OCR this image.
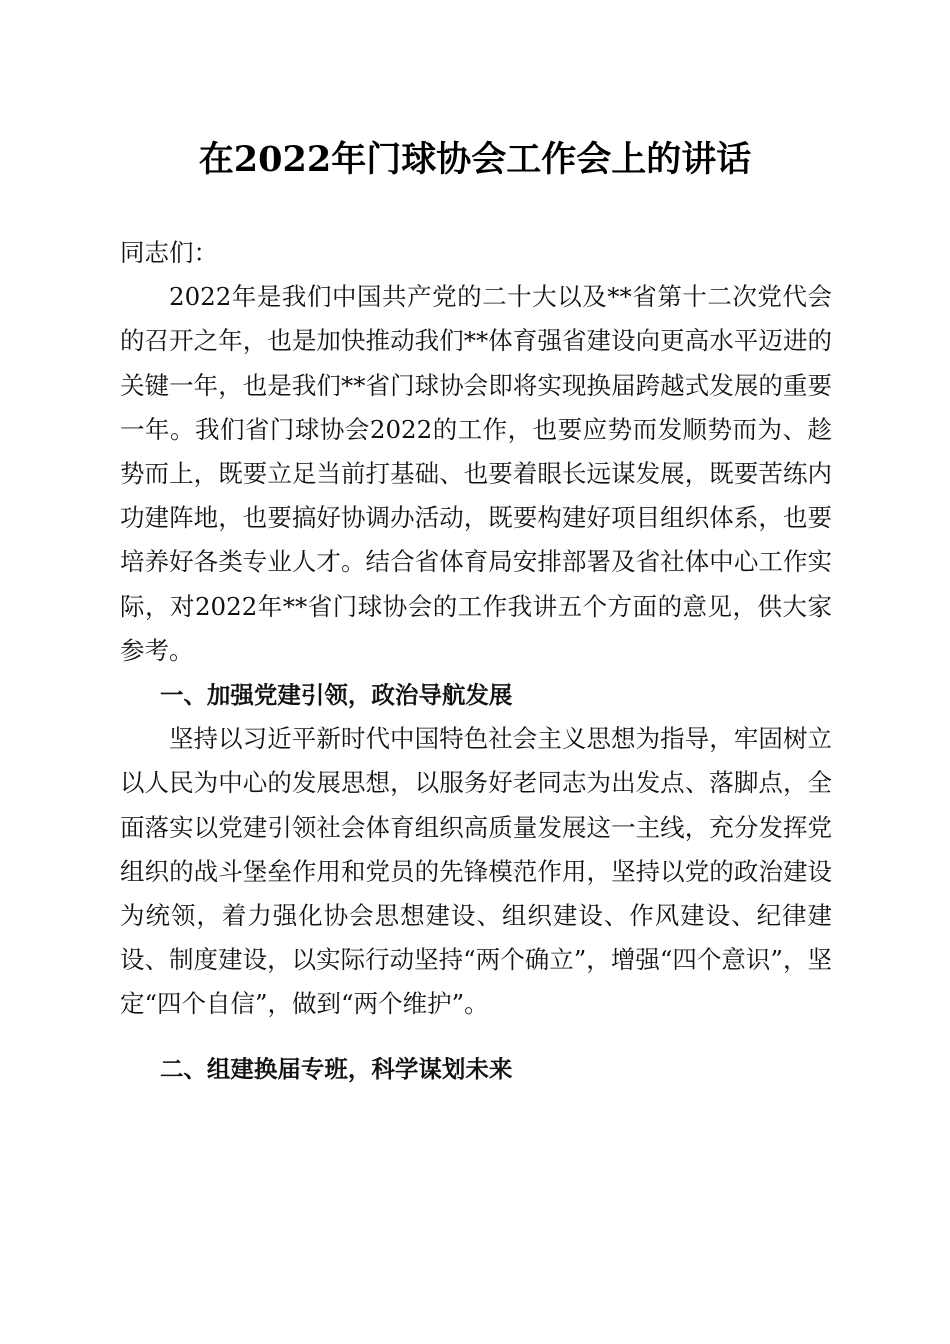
在2022年门球协会工作会上的讲话

同志们：

2022年是我们中国共产党的二十大以及**省第十二次党代会的召开之年，也是加快推动我们**体育强省建设向更高水平迈进的关键一年，也是我们**省门球协会即将实现换届跨越式发展的重要一年。我们省门球协会2022的工作，也要应势而发顺势而为、趁势而上，既要立足当前打基础、也要着眼长远谋发展，既要苦练内功建阵地，也要搞好协调办活动，既要构建好项目组织体系，也要培养好各类专业人才。结合省体育局安排部署及省社体中心工作实际，对2022年**省门球协会的工作我讲五个方面的意见，供大家参考。

一、加强党建引领，政治导航发展

坚持以习近平新时代中国特色社会主义思想为指导，牢固树立以人民为中心的发展思想，以服务好老同志为出发点、落脚点，全面落实以党建引领社会体育组织高质量发展这一主线，充分发挥党组织的战斗堡垒作用和党员的先锋模范作用，坚持以党的政治建设为统领，着力强化协会思想建设、组织建设、作风建设、纪律建设、制度建设，以实际行动坚持“两个确立”，增强“四个意识”，坚定“四个自信”，做到“两个维护”。

二、组建换届专班，科学谋划未来
